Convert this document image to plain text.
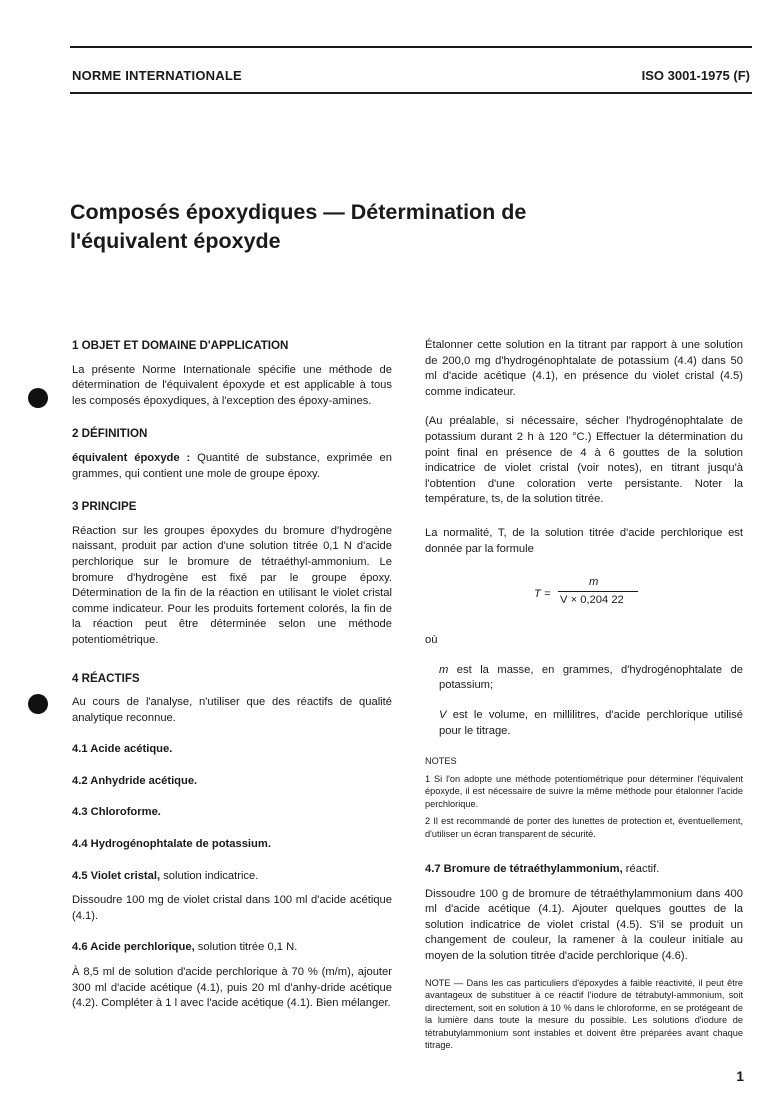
NORME INTERNATIONALE	ISO 3001-1975 (F)
Composés époxydiques — Détermination de
l'équivalent époxyde

1 OBJET ET DOMAINE D'APPLICATION

La présente Norme Internationale spécifie une méthode de détermination de l'équivalent époxyde et est applicable à tous les composés époxydiques, à l'exception des époxy-amines.

2 DÉFINITION

équivalent époxyde : Quantité de substance, exprimée en grammes, qui contient une mole de groupe époxy.

3 PRINCIPE

Réaction sur les groupes époxydes du bromure d'hydrogène naissant, produit par action d'une solution titrée 0,1 N d'acide perchlorique sur le bromure de tétraéthyl-ammonium. Le bromure d'hydrogène est fixé par le groupe époxy. Détermination de la fin de la réaction en utilisant le violet cristal comme indicateur. Pour les produits fortement colorés, la fin de la réaction peut être déterminée selon une méthode potentiométrique.

4 RÉACTIFS

Au cours de l'analyse, n'utiliser que des réactifs de qualité analytique reconnue.

4.1 Acide acétique.

4.2 Anhydride acétique.

4.3 Chloroforme.

4.4 Hydrogénophtalate de potassium.

4.5 Violet cristal, solution indicatrice.

Dissoudre 100 mg de violet cristal dans 100 ml d'acide acétique (4.1).

4.6 Acide perchlorique, solution titrée 0,1 N.

À 8,5 ml de solution d'acide perchlorique à 70 % (m/m), ajouter 300 ml d'acide acétique (4.1), puis 20 ml d'anhy-dride acétique (4.2). Compléter à 1 l avec l'acide acétique (4.1). Bien mélanger.

Étalonner cette solution en la titrant par rapport à une solution de 200,0 mg d'hydrogénophtalate de potassium (4.4) dans 50 ml d'acide acétique (4.1), en présence du violet cristal (4.5) comme indicateur.

(Au préalable, si nécessaire, sécher l'hydrogénophtalate de potassium durant 2 h à 120 °C.) Effectuer la détermination du point final en présence de 4 à 6 gouttes de la solution indicatrice de violet cristal (voir notes), en titrant jusqu'à l'obtention d'une coloration verte persistante. Noter la température, ts, de la solution titrée.

La normalité, T, de la solution titrée d'acide perchlorique est donnée par la formule

T =
m
V × 0,204 22

où

m est la masse, en grammes, d'hydrogénophtalate de potassium;

V est le volume, en millilitres, d'acide perchlorique utilisé pour le titrage.

NOTES

1 Si l'on adopte une méthode potentiométrique pour déterminer l'équivalent époxyde, il est nécessaire de suivre la même méthode pour étalonner l'acide perchlorique.

2 Il est recommandé de porter des lunettes de protection et, éventuellement, d'utiliser un écran transparent de sécurité.

4.7 Bromure de tétraéthylammonium, réactif.

Dissoudre 100 g de bromure de tétraéthylammonium dans 400 ml d'acide acétique (4.1). Ajouter quelques gouttes de la solution indicatrice de violet cristal (4.5). S'il se produit un changement de couleur, la ramener à la couleur initiale au moyen de la solution titrée d'acide perchlorique (4.6).

NOTE — Dans les cas particuliers d'époxydes à faible réactivité, il peut être avantageux de substituer à ce réactif l'iodure de tétrabutyl-ammonium, soit directement, soit en solution à 10 % dans le chloroforme, en se protégeant de la lumière dans toute la mesure du possible. Les solutions d'iodure de tétrabutylammonium sont instables et doivent être préparées avant chaque titrage.

1
